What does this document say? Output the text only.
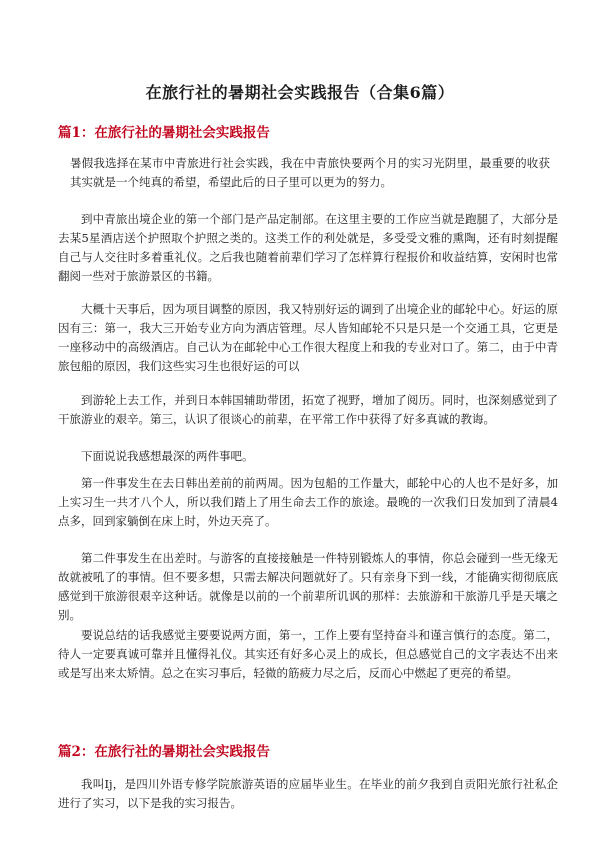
在旅行社的暑期社会实践报告（合集6篇）
篇1：在旅行社的暑期社会实践报告

暑假我选择在某市中青旅进行社会实践，我在中青旅快要两个月的实习光阴里，最重要的收获其实就是一个纯真的希望，希望此后的日子里可以更为的努力。

到中青旅出境企业的第一个部门是产品定制部。在这里主要的工作应当就是跑腿了，大部分是去某5星酒店送个护照取个护照之类的。这类工作的利处就是，多受受文雅的熏陶，还有时刻提醒自己与人交往时多着重礼仪。之后我也随着前辈们学习了怎样算行程报价和收益结算，安闲时也常翻阅一些对于旅游景区的书籍。

大概十天事后，因为项目调整的原因，我又特别好运的调到了出境企业的邮轮中心。好运的原因有三：第一，我大三开始专业方向为酒店管理。尽人皆知邮轮不只是只是一个交通工具，它更是一座移动中的高级酒店。自己认为在邮轮中心工作很大程度上和我的专业对口了。第二，由于中青旅包船的原因，我们这些实习生也很好运的可以

到游轮上去工作，并到日本韩国辅助带团，拓宽了视野，增加了阅历。同时，也深刻感觉到了干旅游业的艰辛。第三，认识了很谈心的前辈，在平常工作中获得了好多真诚的教诲。

下面说说我感想最深的两件事吧。

第一件事发生在去日韩出差前的前两周。因为包船的工作量大，邮轮中心的人也不是好多，加上实习生一共才八个人，所以我们踏上了用生命去工作的旅途。最晚的一次我们日发加到了清晨4点多，回到家躺倒在床上时，外边天亮了。

第二件事发生在出差时。与游客的直接接触是一件特别锻炼人的事情，你总会碰到一些无缘无故就被吼了的事情。但不要多想，只需去解决问题就好了。只有亲身下到一线，才能确实彻彻底底感觉到干旅游很艰辛这种话。就像是以前的一个前辈所讥讽的那样：去旅游和干旅游几乎是天壤之别。

要说总结的话我感觉主要要说两方面，第一，工作上要有坚持奋斗和谨言慎行的态度。第二，待人一定要真诚可靠并且懂得礼仪。其实还有好多心灵上的成长，但总感觉自己的文字表达不出来或是写出来太矫情。总之在实习事后，轻微的筋疲力尽之后，反而心中燃起了更亮的希望。

篇2：在旅行社的暑期社会实践报告

我叫Ij，是四川外语专修学院旅游英语的应届毕业生。在毕业的前夕我到自贡阳光旅行社私企进行了实习，以下是我的实习报告。
